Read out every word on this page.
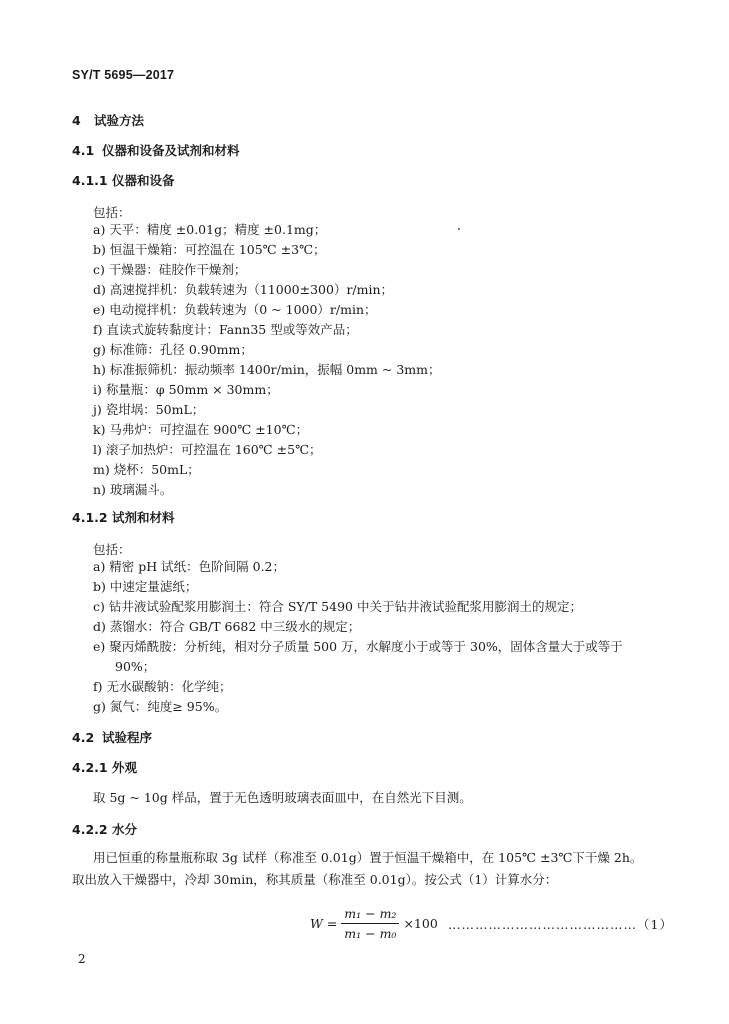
SY/T 5695—2017
4 试验方法
4.1 仪器和设备及试剂和材料
4.1.1 仪器和设备
包括：
a) 天平：精度 ±0.01g；精度 ±0.1mg；
b) 恒温干燥箱：可控温在 105℃ ±3℃；
c) 干燥器：硅胶作干燥剂；
d) 高速搅拌机：负载转速为（11000±300）r/min；
e) 电动搅拌机：负载转速为（0 ~ 1000）r/min；
f) 直读式旋转黏度计：Fann35 型或等效产品；
g) 标准筛：孔径 0.90mm；
h) 标准振筛机：振动频率 1400r/min，振幅 0mm ~ 3mm；
i) 称量瓶：φ 50mm × 30mm；
j) 瓷坩埚：50mL；
k) 马弗炉：可控温在 900℃ ±10℃；
l) 滚子加热炉：可控温在 160℃ ±5℃；
m) 烧杯：50mL；
n) 玻璃漏斗。
4.1.2 试剂和材料
包括：
a) 精密 pH 试纸：色阶间隔 0.2；
b) 中速定量滤纸；
c) 钻井液试验配浆用膨润土：符合 SY/T 5490 中关于钻井液试验配浆用膨润土的规定；
d) 蒸馏水：符合 GB/T 6682 中三级水的规定；
e) 聚丙烯酰胺：分析纯，相对分子质量 500 万，水解度小于或等于 30%，固体含量大于或等于
90%；
f) 无水碳酸钠：化学纯；
g) 氮气：纯度≥ 95%。
4.2 试验程序
4.2.1 外观
取 5g ~ 10g 样品，置于无色透明玻璃表面皿中，在自然光下目测。
4.2.2 水分
用已恒重的称量瓶称取 3g 试样（称准至 0.01g）置于恒温干燥箱中，在 105℃ ±3℃下干燥 2h。
取出放入干燥器中，冷却 30min，称其质量（称准至 0.01g）。按公式（1）计算水分：
$W = \frac{\text{m₁ − m₂}}{\text{m₁ − m₀}} \times 100$ ……………………………………（1）
2
